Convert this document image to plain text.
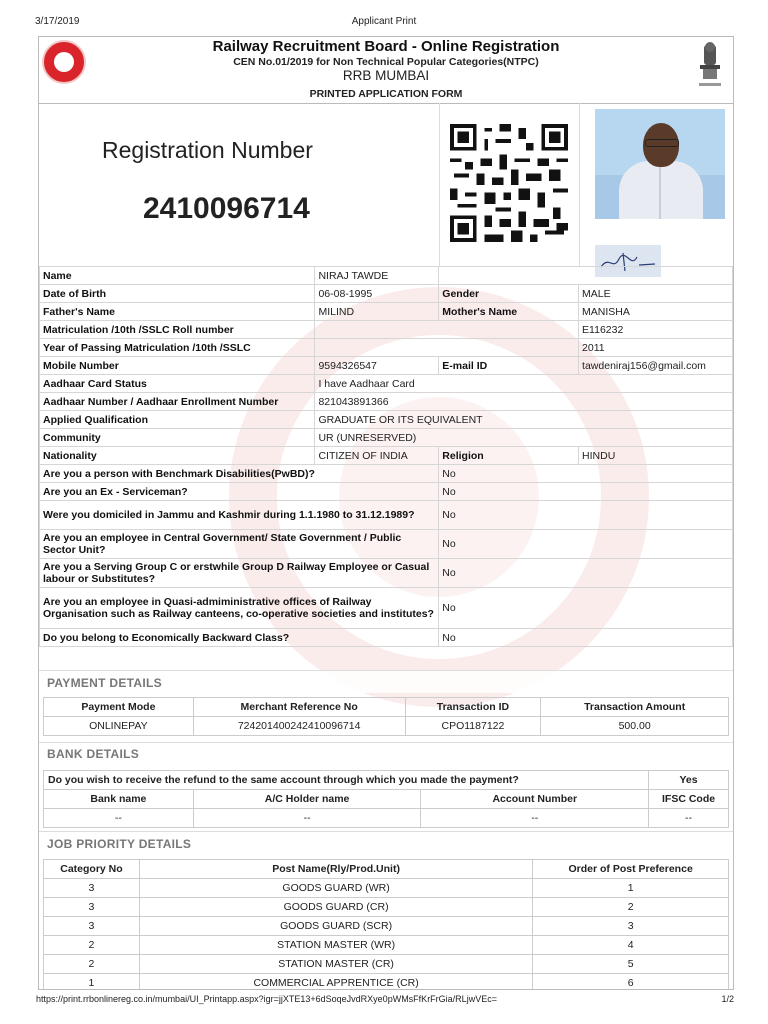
3/17/2019	Applicant Print
Railway Recruitment Board - Online Registration
CEN No.01/2019 for Non Technical Popular Categories(NTPC)
RRB MUMBAI
PRINTED APPLICATION FORM
Registration Number
2410096714
Name	NIRAJ TAWDE		
Date of Birth	06-08-1995	Gender	MALE
Father's Name	MILIND	Mother's Name	MANISHA
Matriculation /10th /SSLC Roll number			E116232
Year of Passing Matriculation /10th /SSLC			2011
Mobile Number	9594326547	E-mail ID	tawdeniraj156@gmail.com
Aadhaar Card Status	I have Aadhaar Card		
Aadhaar Number / Aadhaar Enrollment Number	821043891366		
Applied Qualification	GRADUATE OR ITS EQUIVALENT		
Community	UR (UNRESERVED)		
Nationality	CITIZEN OF INDIA	Religion	HINDU
Are you a person with Benchmark Disabilities(PwBD)?		No	
Are you an Ex - Serviceman?		No	
Were you domiciled in Jammu and Kashmir during 1.1.1980 to 31.12.1989?		No	
Are you an employee in Central Government/ State Government / Public Sector Unit?		No	
Are you a Serving Group C or erstwhile Group D Railway Employee or Casual labour or Substitutes?		No	
Are you an employee in Quasi-admiministrative offices of Railway Organisation such as Railway canteens, co-operative societies and institutes?		No	
Do you belong to Economically Backward Class?		No	
PAYMENT DETAILS
Payment Mode	Merchant Reference No	Transaction ID	Transaction Amount
ONLINEPAY	724201400242410096714	CPO1187122	500.00
BANK DETAILS
Do you wish to receive the refund to the same account through which you made the payment?			Yes
Bank name	A/C Holder name	Account Number	IFSC Code
--	--	--	--
JOB PRIORITY DETAILS
Category No	Post Name(Rly/Prod.Unit)	Order of Post Preference
3	GOODS GUARD (WR)	1
3	GOODS GUARD (CR)	2
3	GOODS GUARD (SCR)	3
2	STATION MASTER (WR)	4
2	STATION MASTER (CR)	5
1	COMMERCIAL APPRENTICE (CR)	6
https://print.rrbonlinereg.co.in/mumbai/UI_Printapp.aspx?igr=jjXTE13+6dSoqeJvdRXye0pWMsFfKrFrGia/RLjwVEc=	1/2
